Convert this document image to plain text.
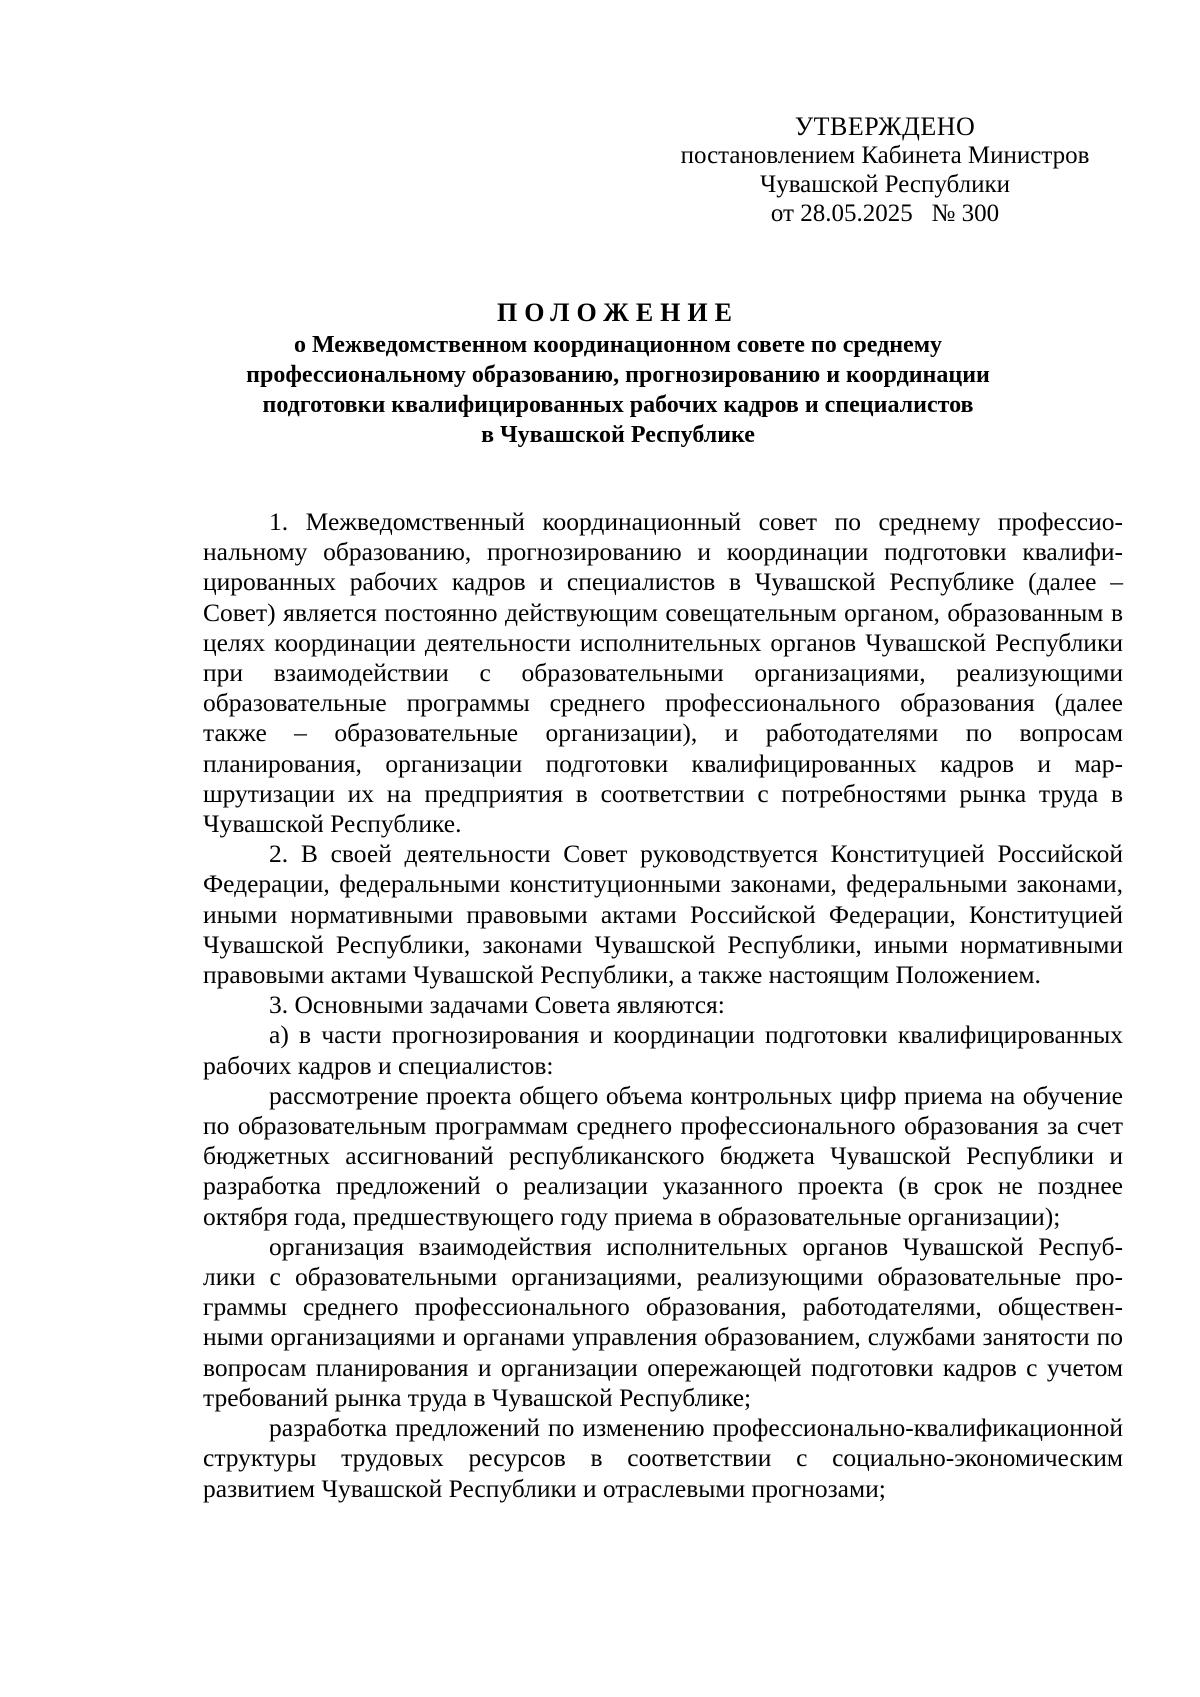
УТВЕРЖДЕНО
постановлением Кабинета Министров
Чувашской Республики
от 28.05.2025   № 300
ПОЛОЖЕНИЕ
о Межведомственном координационном совете по среднему
профессиональному образованию, прогнозированию и координации
подготовки квалифицированных рабочих кадров и специалистов
в Чувашской Республике

1. Межведомственный координационный совет по среднему профессиональному образованию, прогнозированию и координации подготовки квалифицированных рабочих кадров и специалистов в Чувашской Республике (далее – Совет) является постоянно действующим совещательным органом, образованным в целях координации деятельности исполнительных органов Чувашской Республики при взаимодействии с образовательными организациями, реализующими образовательные программы среднего профессионального образования (далее также – образовательные организации), и работодателями по вопросам планирования, организации подготовки квалифицированных кадров и маршрутизации их на предприятия в соответствии с потребностями рынка труда в Чувашской Республике.

2. В своей деятельности Совет руководствуется Конституцией Российской Федерации, федеральными конституционными законами, федеральными законами, иными нормативными правовыми актами Российской Федерации, Конституцией Чувашской Республики, законами Чувашской Республики, иными нормативными правовыми актами Чувашской Республики, а также настоящим Положением.

3. Основными задачами Совета являются:

а) в части прогнозирования и координации подготовки квалифицированных рабочих кадров и специалистов:

рассмотрение проекта общего объема контрольных цифр приема на обучение по образовательным программам среднего профессионального образования за счет бюджетных ассигнований республиканского бюджета Чувашской Республики и разработка предложений о реализации указанного проекта (в срок не позднее октября года, предшествующего году приема в образовательные организации);

организация взаимодействия исполнительных органов Чувашской Республики с образовательными организациями, реализующими образовательные программы среднего профессионального образования, работодателями, общественными организациями и органами управления образованием, службами занятости по вопросам планирования и организации опережающей подготовки кадров с учетом требований рынка труда в Чувашской Республике;

разработка предложений по изменению профессионально-квалификационной структуры трудовых ресурсов в соответствии с социально-экономическим развитием Чувашской Республики и отраслевыми прогнозами;
